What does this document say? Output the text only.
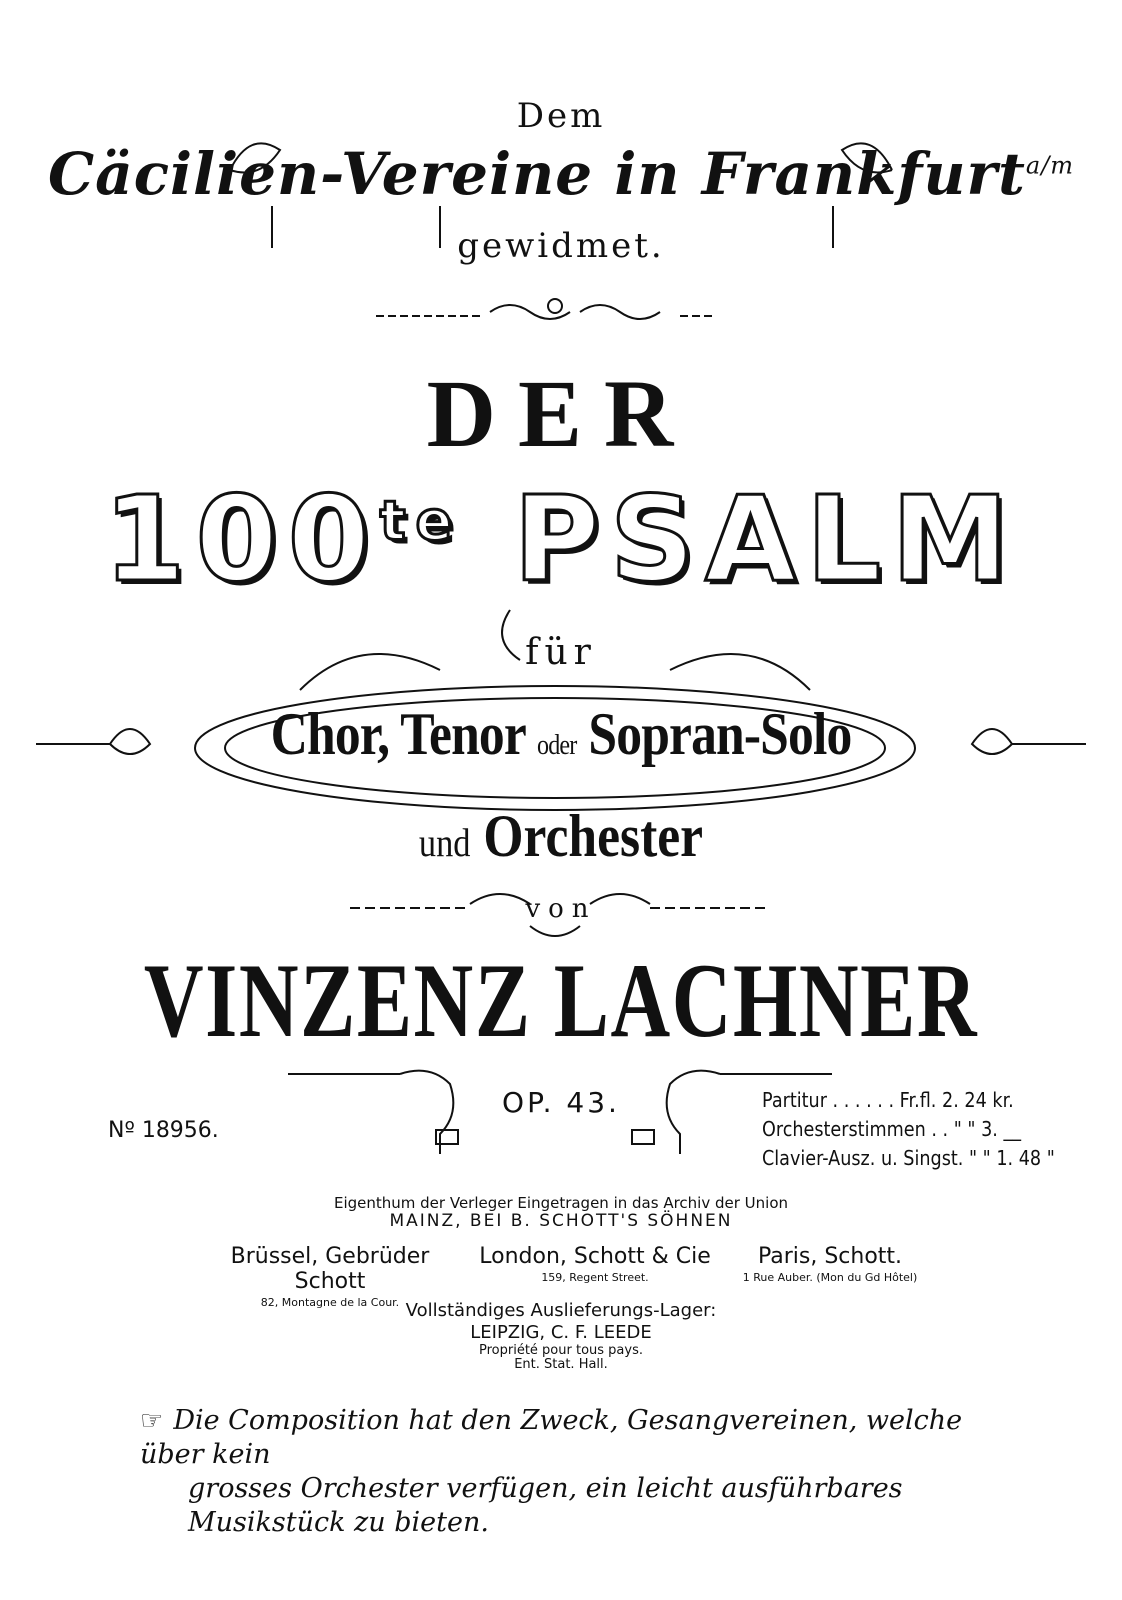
Dem
Cäcilien-Vereine in Frankfurt$^{a/m}$
gewidmet.
DER
$100^{te}$ PSALM
für
Chor, Tenor oder Sopran-Solo
und Orchester
von
VINZENZ LACHNER
OP. 43.
Nº 18956.
Partitur . . . . . . Fr.fl. 2. 24 kr.
Orchesterstimmen . . " " 3. __
Clavier-Ausz. u. Singst. " " 1. 48 "
Eigenthum der Verleger Eingetragen in das Archiv der Union
MAINZ, BEI B. SCHOTT'S SÖHNEN
Brüssel, Gebrüder Schott
82, Montagne de la Cour.
London, Schott & Cie
159, Regent Street.
Paris, Schott.
1 Rue Auber. (Mon du Gd Hôtel)
Vollständiges Auslieferungs-Lager:
LEIPZIG, C. F. LEEDE
Propriété pour tous pays.
Ent. Stat. Hall.
☞ Die Composition hat den Zweck, Gesangvereinen, welche über kein
grosses Orchester verfügen, ein leicht ausführbares Musikstück zu bieten.
